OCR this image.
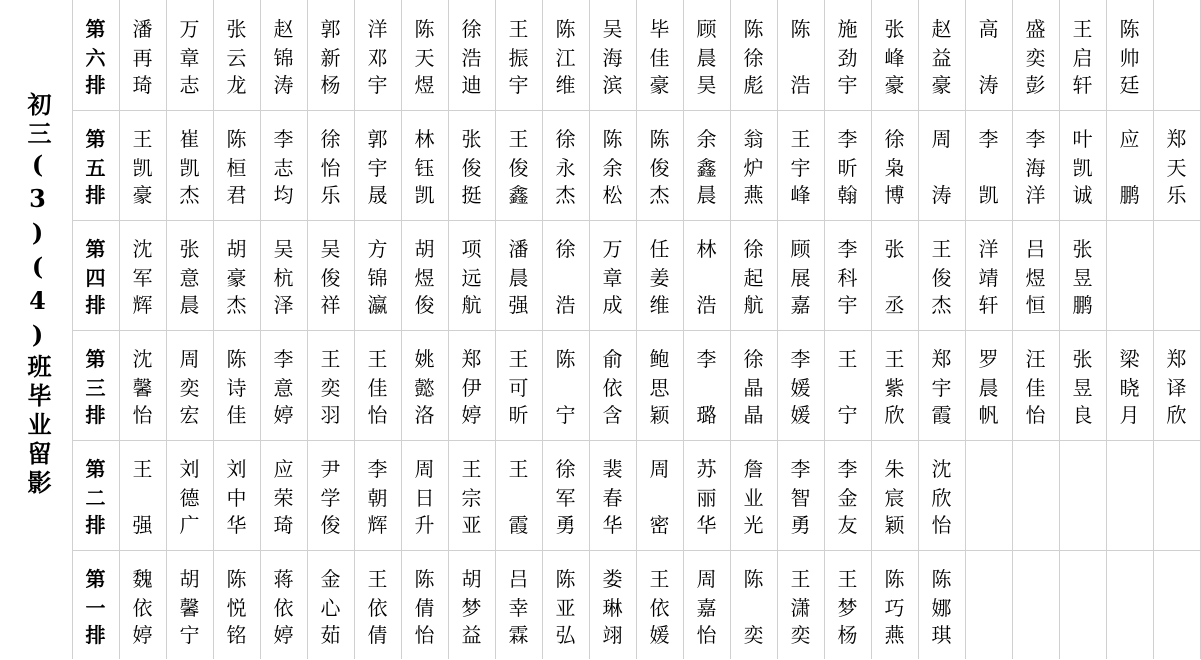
初三(3)(4)班毕业留影
第
六
排
潘
再
琦
万
章
志
张
云
龙
赵
锦
涛
郭
新
杨
洋
邓
宇
陈
天
煜
徐
浩
迪
王
振
宇
陈
江
维
吴
海
滨
毕
佳
豪
顾
晨
昊
陈
徐
彪
陈

浩
施
劲
宇
张
峰
豪
赵
益
豪
高

涛
盛
奕
彭
王
启
轩
陈
帅
廷
第
五
排
王
凯
豪
崔
凯
杰
陈
桓
君
李
志
均
徐
怡
乐
郭
宇
晟
林
钰
凯
张
俊
挺
王
俊
鑫
徐
永
杰
陈
余
松
陈
俊
杰
余
鑫
晨
翁
炉
燕
王
宇
峰
李
昕
翰
徐
枭
博
周

涛
李

凯
李
海
洋
叶
凯
诚
应

鹏
郑
天
乐
第
四
排
沈
军
辉
张
意
晨
胡
豪
杰
吴
杭
泽
吴
俊
祥
方
锦
瀛
胡
煜
俊
项
远
航
潘
晨
强
徐

浩
万
章
成
任
姜
维
林

浩
徐
起
航
顾
展
嘉
李
科
宇
张

丞
王
俊
杰
洋
靖
轩
吕
煜
恒
张
昱
鹏
第
三
排
沈
馨
怡
周
奕
宏
陈
诗
佳
李
意
婷
王
奕
羽
王
佳
怡
姚
懿
洛
郑
伊
婷
王
可
昕
陈

宁
俞
依
含
鲍
思
颖
李

璐
徐
晶
晶
李
媛
媛
王

宁
王
紫
欣
郑
宇
霞
罗
晨
帆
汪
佳
怡
张
昱
良
梁
晓
月
郑
译
欣
第
二
排
王

强
刘
德
广
刘
中
华
应
荣
琦
尹
学
俊
李
朝
辉
周
日
升
王
宗
亚
王

霞
徐
军
勇
裴
春
华
周

密
苏
丽
华
詹
业
光
李
智
勇
李
金
友
朱
宸
颖
沈
欣
怡
第
一
排
魏
依
婷
胡
馨
宁
陈
悦
铭
蒋
依
婷
金
心
茹
王
依
倩
陈
倩
怡
胡
梦
益
吕
幸
霖
陈
亚
弘
娄
琳
翊
王
依
媛
周
嘉
怡
陈

奕
王
潇
奕
王
梦
杨
陈
巧
燕
陈
娜
琪
